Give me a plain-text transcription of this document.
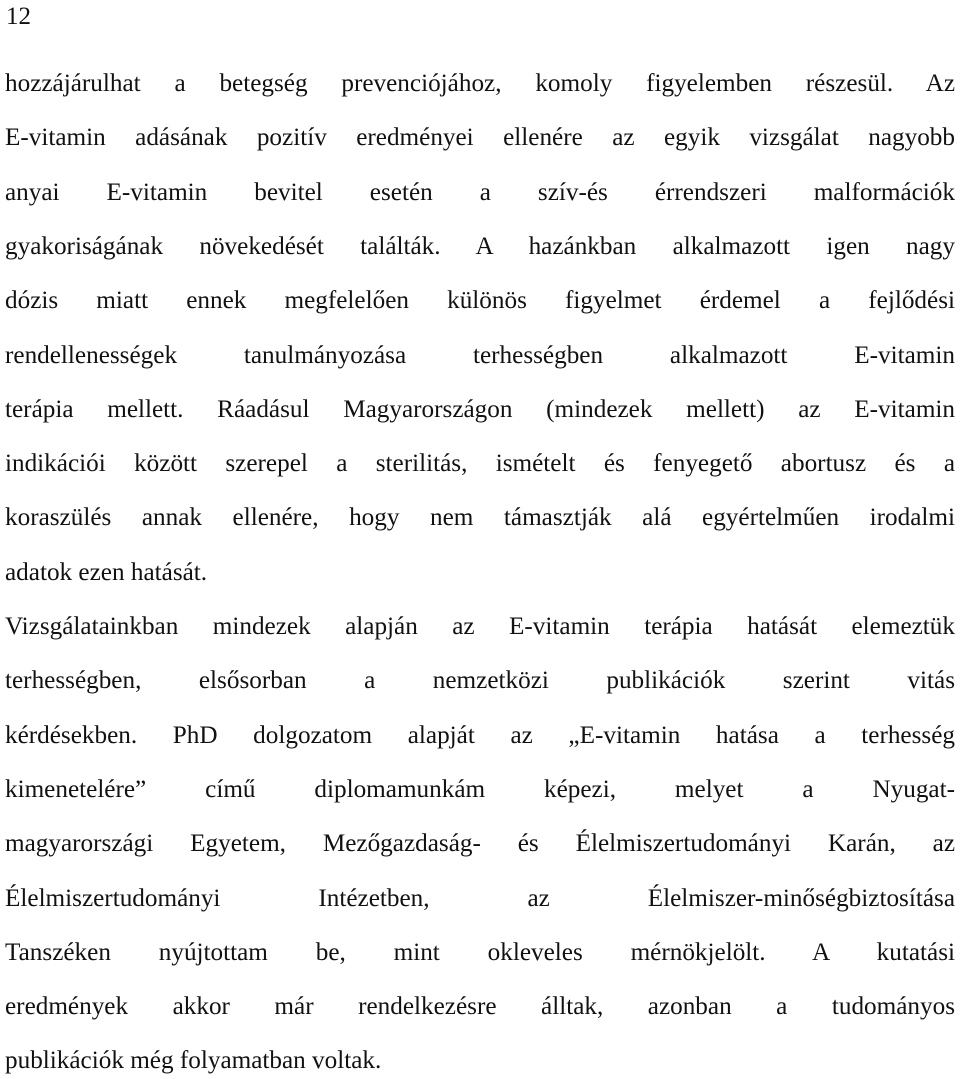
12
hozzájárulhat a betegség prevenciójához, komoly figyelemben részesül. Az
E-vitamin adásának pozitív eredményei ellenére az egyik vizsgálat nagyobb
anyai E-vitamin bevitel esetén a szív-és érrendszeri malformációk
gyakoriságának növekedését találták. A hazánkban alkalmazott igen nagy
dózis miatt ennek megfelelően különös figyelmet érdemel a fejlődési
rendellenességek tanulmányozása terhességben alkalmazott E-vitamin
terápia mellett. Ráadásul Magyarországon (mindezek mellett) az E-vitamin
indikációi között szerepel a sterilitás, ismételt és fenyegető abortusz és a
koraszülés annak ellenére, hogy nem támasztják alá egyértelműen irodalmi
adatok ezen hatását.
Vizsgálatainkban mindezek alapján az E-vitamin terápia hatását elemeztük
terhességben, elsősorban a nemzetközi publikációk szerint vitás
kérdésekben. PhD dolgozatom alapját az „E-vitamin hatása a terhesség
kimenetelére” című diplomamunkám képezi, melyet a Nyugat-
magyarországi Egyetem, Mezőgazdaság- és Élelmiszertudományi Karán, az
Élelmiszertudományi Intézetben, az Élelmiszer-minőségbiztosítása
Tanszéken nyújtottam be, mint okleveles mérnökjelölt. A kutatási
eredmények akkor már rendelkezésre álltak, azonban a tudományos
publikációk még folyamatban voltak.
